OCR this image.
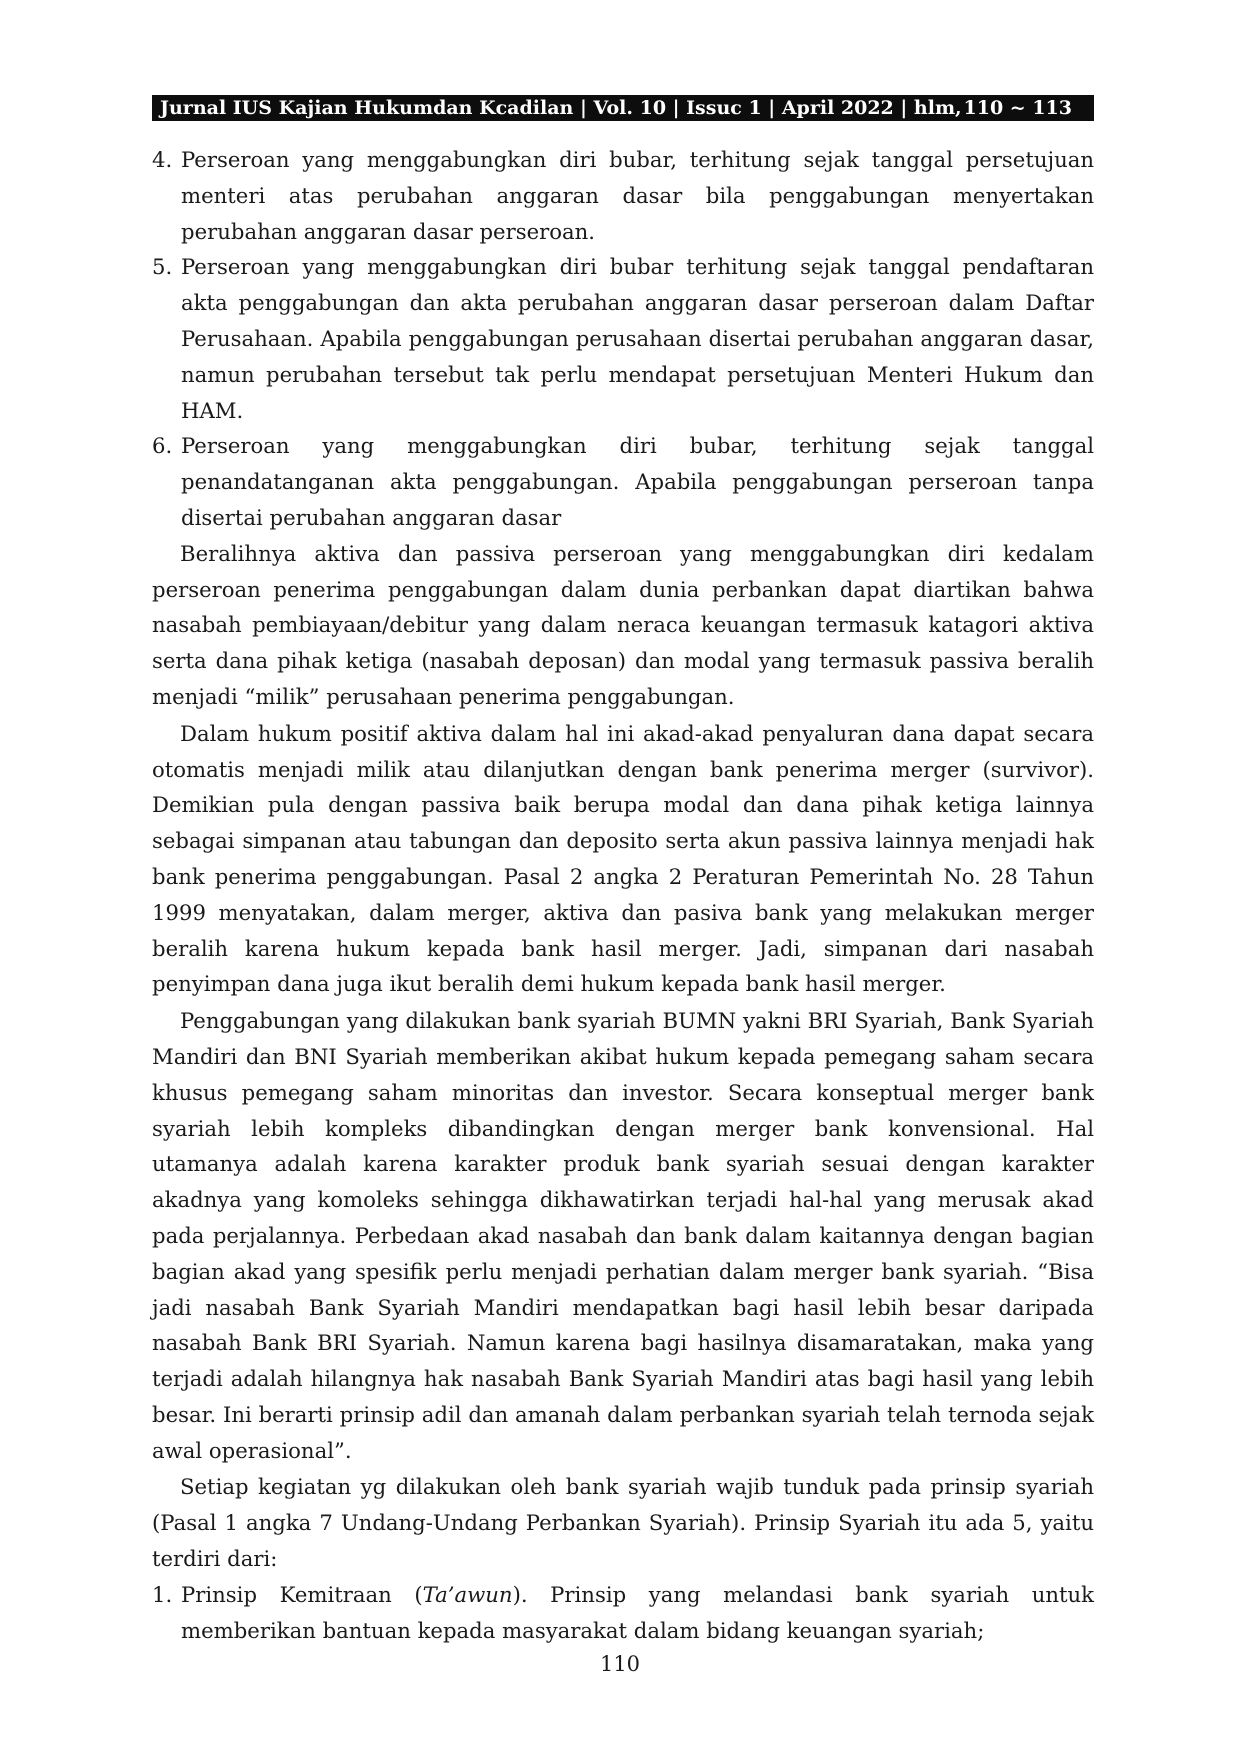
Jurnal IUS Kajian Hukumdan Kcadilan | Vol. 10 | Issuc 1 | April 2022 | hlm, 110 ~ 113
4. Perseroan yang menggabungkan diri bubar, terhitung sejak tanggal persetujuan menteri atas perubahan anggaran dasar bila penggabungan menyertakan perubahan anggaran dasar perseroan.
5. Perseroan yang menggabungkan diri bubar terhitung sejak tanggal pendaftaran akta penggabungan dan akta perubahan anggaran dasar perseroan dalam Daftar Perusahaan. Apabila penggabungan perusahaan disertai perubahan anggaran dasar, namun perubahan tersebut tak perlu mendapat persetujuan Menteri Hukum dan HAM.
6. Perseroan yang menggabungkan diri bubar, terhitung sejak tanggal penandatanganan akta penggabungan. Apabila penggabungan perseroan tanpa disertai perubahan anggaran dasar

Beralihnya aktiva dan passiva perseroan yang menggabungkan diri kedalam perseroan penerima penggabungan dalam dunia perbankan dapat diartikan bahwa nasabah pembiayaan/debitur yang dalam neraca keuangan termasuk katagori aktiva serta dana pihak ketiga (nasabah deposan) dan modal yang termasuk passiva beralih menjadi “milik” perusahaan penerima penggabungan.

Dalam hukum positif aktiva dalam hal ini akad-akad penyaluran dana dapat secara otomatis menjadi milik atau dilanjutkan dengan bank penerima merger (survivor). Demikian pula dengan passiva baik berupa modal dan dana pihak ketiga lainnya sebagai simpanan atau tabungan dan deposito serta akun passiva lainnya menjadi hak bank penerima penggabungan. Pasal 2 angka 2 Peraturan Pemerintah No. 28 Tahun 1999 menyatakan, dalam merger, aktiva dan pasiva bank yang melakukan merger beralih karena hukum kepada bank hasil merger. Jadi, simpanan dari nasabah penyimpan dana juga ikut beralih demi hukum kepada bank hasil merger.

Penggabungan yang dilakukan bank syariah BUMN yakni BRI Syariah, Bank Syariah Mandiri dan BNI Syariah memberikan akibat hukum kepada pemegang saham secara khusus pemegang saham minoritas dan investor. Secara konseptual merger bank syariah lebih kompleks dibandingkan dengan merger bank konvensional. Hal utamanya adalah karena karakter produk bank syariah sesuai dengan karakter akadnya yang komoleks sehingga dikhawatirkan terjadi hal-hal yang merusak akad pada perjalannya. Perbedaan akad nasabah dan bank dalam kaitannya dengan bagian bagian akad yang spesifik perlu menjadi perhatian dalam merger bank syariah. “Bisa jadi nasabah Bank Syariah Mandiri mendapatkan bagi hasil lebih besar daripada nasabah Bank BRI Syariah. Namun karena bagi hasilnya disamaratakan, maka yang terjadi adalah hilangnya hak nasabah Bank Syariah Mandiri atas bagi hasil yang lebih besar. Ini berarti prinsip adil dan amanah dalam perbankan syariah telah ternoda sejak awal operasional”.

Setiap kegiatan yg dilakukan oleh bank syariah wajib tunduk pada prinsip syariah (Pasal 1 angka 7 Undang-Undang Perbankan Syariah). Prinsip Syariah itu ada 5, yaitu terdiri dari:

1. Prinsip Kemitraan (Ta’awun). Prinsip yang melandasi bank syariah untuk memberikan bantuan kepada masyarakat dalam bidang keuangan syariah;
110
